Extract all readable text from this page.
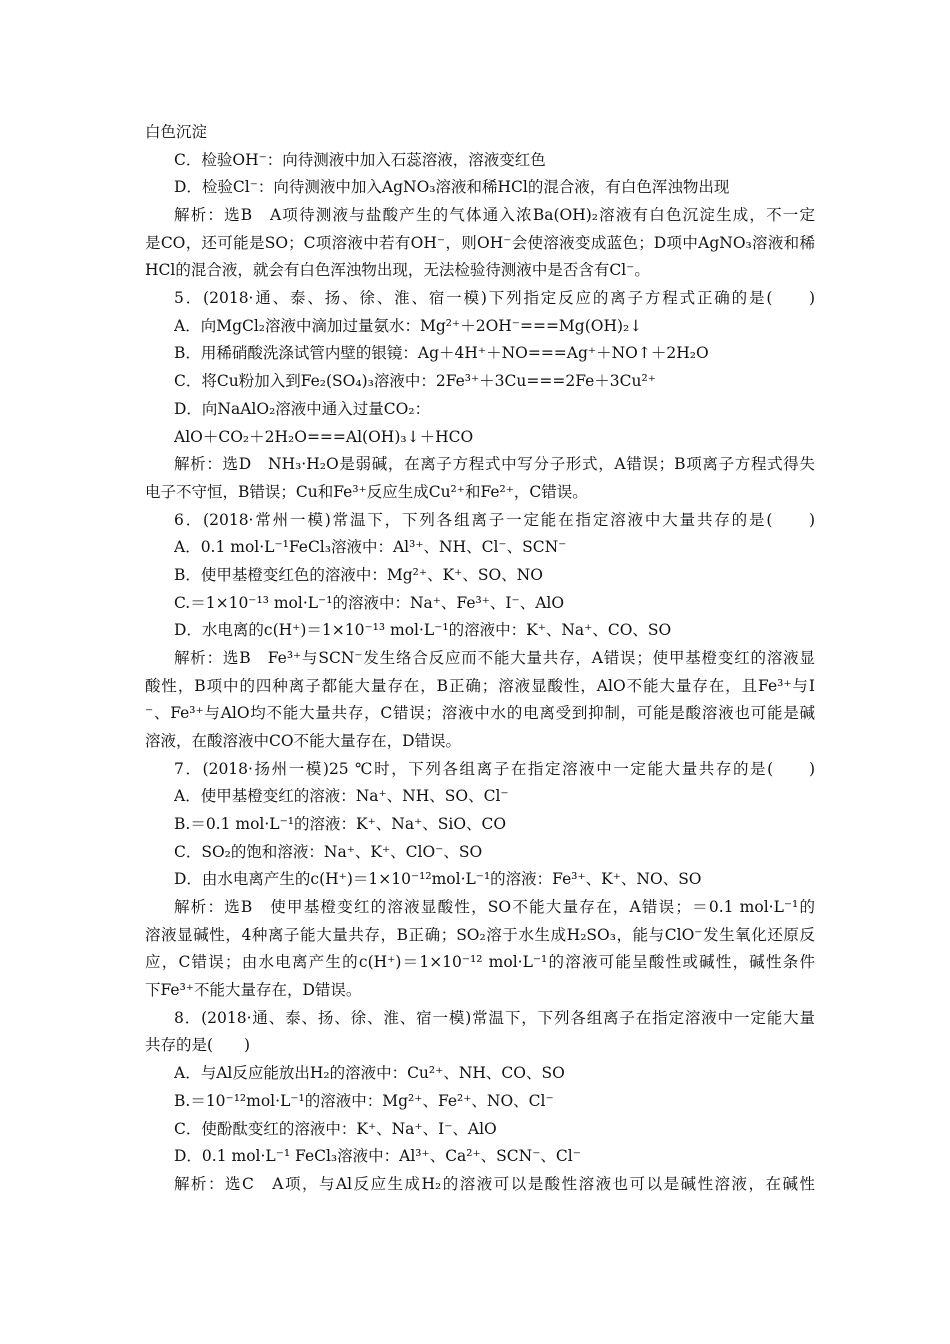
白色沉淀
C．检验OH⁻：向待测液中加入石蕊溶液，溶液变红色
D．检验Cl⁻：向待测液中加入AgNO₃溶液和稀HCl的混合液，有白色浑浊物出现
解析：选B　A项待测液与盐酸产生的气体通入浓Ba(OH)₂溶液有白色沉淀生成，不一定
是CO，还可能是SO；C项溶液中若有OH⁻，则OH⁻会使溶液变成蓝色；D项中AgNO₃溶液和稀
HCl的混合液，就会有白色浑浊物出现，无法检验待测液中是否含有Cl⁻。
5．(2018·通、泰、扬、徐、淮、宿一模)下列指定反应的离子方程式正确的是(　　)
A．向MgCl₂溶液中滴加过量氨水：Mg²⁺＋2OH⁻===Mg(OH)₂↓
B．用稀硝酸洗涤试管内壁的银镜：Ag＋4H⁺＋NO===Ag⁺＋NO↑＋2H₂O
C．将Cu粉加入到Fe₂(SO₄)₃溶液中：2Fe³⁺＋3Cu===2Fe＋3Cu²⁺
D．向NaAlO₂溶液中通入过量CO₂：
AlO＋CO₂＋2H₂O===Al(OH)₃↓＋HCO
解析：选D　NH₃·H₂O是弱碱，在离子方程式中写分子形式，A错误；B项离子方程式得失
电子不守恒，B错误；Cu和Fe³⁺反应生成Cu²⁺和Fe²⁺，C错误。
6．(2018·常州一模)常温下，下列各组离子一定能在指定溶液中大量共存的是(　　)
A．0.1 mol·L⁻¹FeCl₃溶液中：Al³⁺、NH、Cl⁻、SCN⁻
B．使甲基橙变红色的溶液中：Mg²⁺、K⁺、SO、NO
C.＝1×10⁻¹³ mol·L⁻¹的溶液中：Na⁺、Fe³⁺、I⁻、AlO
D．水电离的c(H⁺)＝1×10⁻¹³ mol·L⁻¹的溶液中：K⁺、Na⁺、CO、SO
解析：选B　Fe³⁺与SCN⁻发生络合反应而不能大量共存，A错误；使甲基橙变红的溶液显
酸性，B项中的四种离子都能大量存在，B正确；溶液显酸性，AlO不能大量存在，且Fe³⁺与I
⁻、Fe³⁺与AlO均不能大量共存，C错误；溶液中水的电离受到抑制，可能是酸溶液也可能是碱
溶液，在酸溶液中CO不能大量存在，D错误。
7．(2018·扬州一模)25 ℃时，下列各组离子在指定溶液中一定能大量共存的是(　　)
A．使甲基橙变红的溶液：Na⁺、NH、SO、Cl⁻
B.＝0.1 mol·L⁻¹的溶液：K⁺、Na⁺、SiO、CO
C．SO₂的饱和溶液：Na⁺、K⁺、ClO⁻、SO
D．由水电离产生的c(H⁺)＝1×10⁻¹²mol·L⁻¹的溶液：Fe³⁺、K⁺、NO、SO
解析：选B　使甲基橙变红的溶液显酸性，SO不能大量存在，A错误；＝0.1 mol·L⁻¹的
溶液显碱性，4种离子能大量共存，B正确；SO₂溶于水生成H₂SO₃，能与ClO⁻发生氧化还原反
应，C错误；由水电离产生的c(H⁺)＝1×10⁻¹² mol·L⁻¹的溶液可能呈酸性或碱性，碱性条件
下Fe³⁺不能大量存在，D错误。
8．(2018·通、泰、扬、徐、淮、宿一模)常温下，下列各组离子在指定溶液中一定能大量
共存的是(　　)
A．与Al反应能放出H₂的溶液中：Cu²⁺、NH、CO、SO
B.＝10⁻¹²mol·L⁻¹的溶液中：Mg²⁺、Fe²⁺、NO、Cl⁻
C．使酚酞变红的溶液中：K⁺、Na⁺、I⁻、AlO
D．0.1 mol·L⁻¹ FeCl₃溶液中：Al³⁺、Ca²⁺、SCN⁻、Cl⁻
解析：选C　A项，与Al反应生成H₂的溶液可以是酸性溶液也可以是碱性溶液，在碱性
